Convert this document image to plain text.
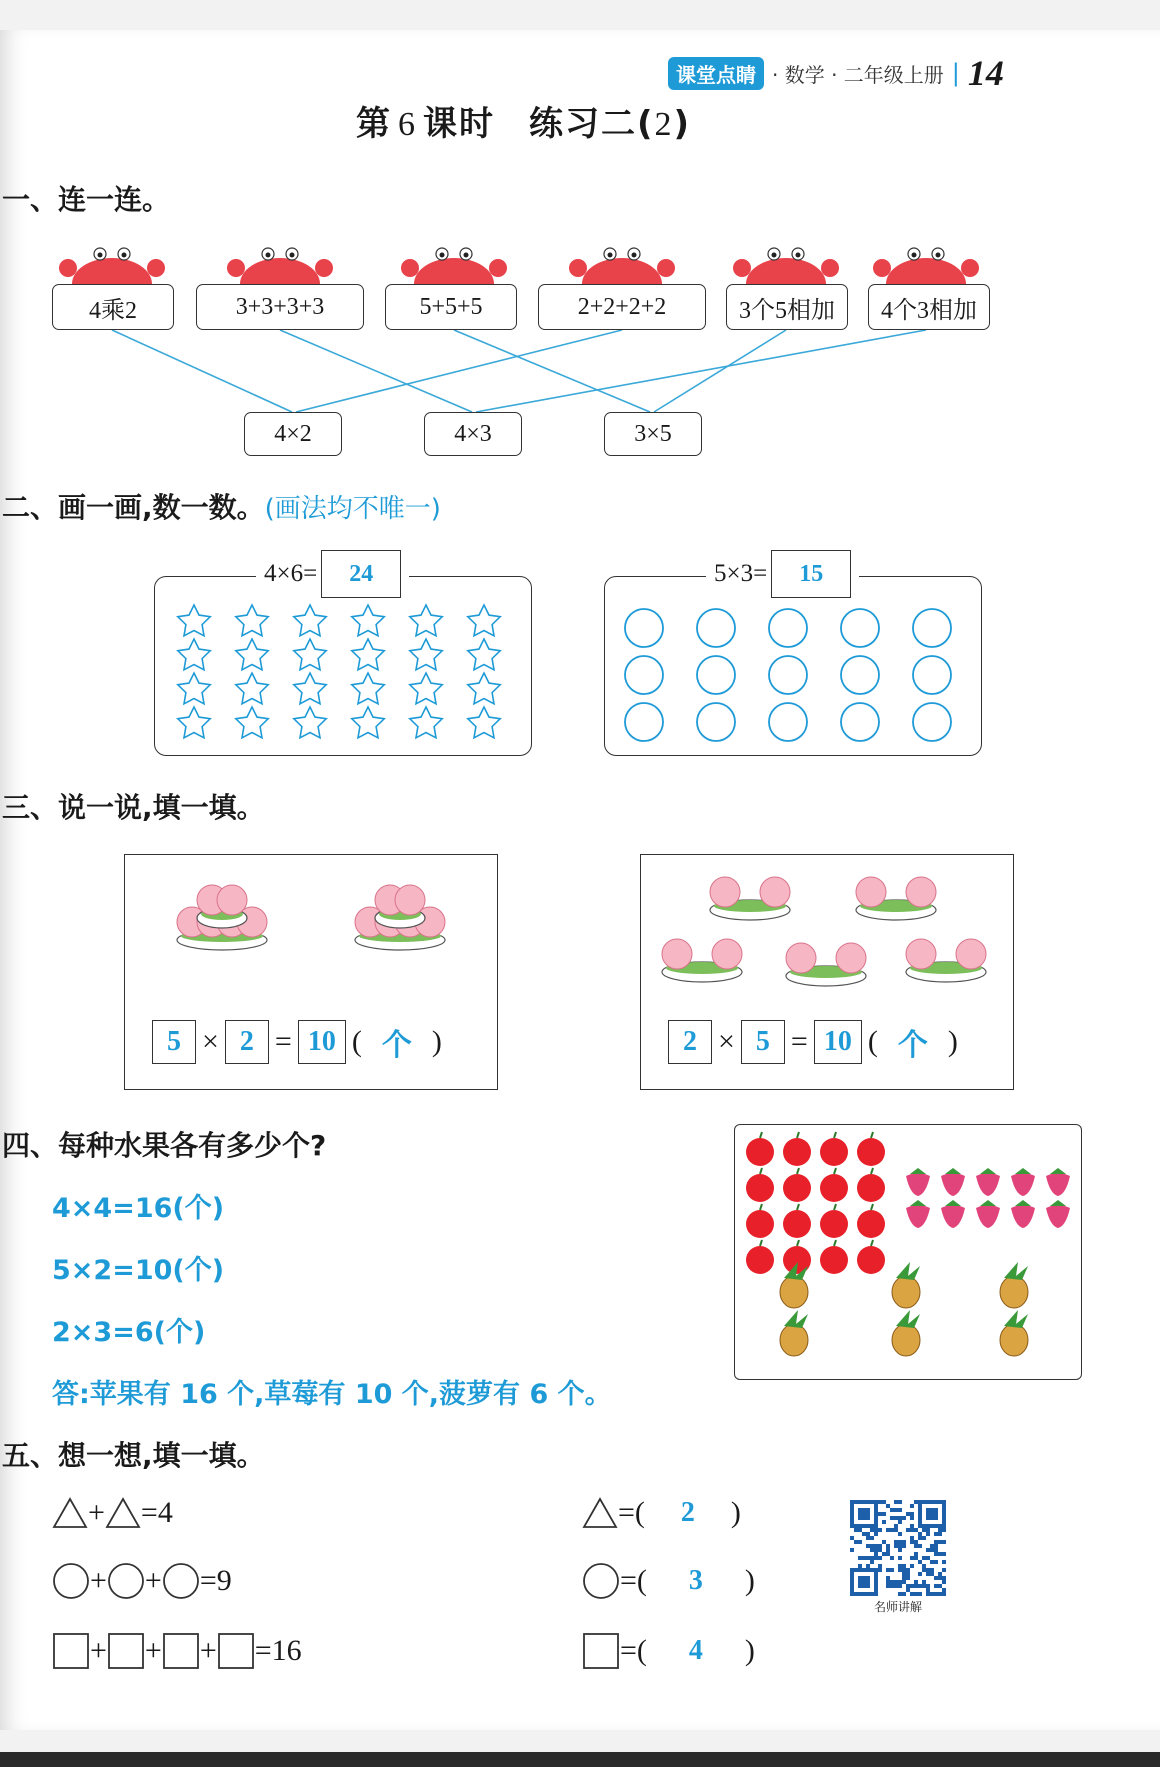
课堂点睛 · 数学 · 二年级上册 | 14
第 6 课时 练习二(2)
一、连一连。
4乘2	3+3+3+3	5+5+5	2+2+2+2	3个5相加	4个3相加
4×2	4×3	3×5
二、画一画,数一数。(画法均不唯一)
4×6=	24	5×3=	15
三、说一说,填一填。
5 × 2 = 10 ( 个 )	2 × 5 = 10 ( 个 )
四、每种水果各有多少个?
4×4=16(个)
5×2=10(个)
2×3=6(个)
答:苹果有 16 个,草莓有 10 个,菠萝有 6 个。
五、想一想,填一填。
+ =4
+ + =9
+ + + =16
=( 2 )
=( 3 )
=( 4 )
名师讲解
